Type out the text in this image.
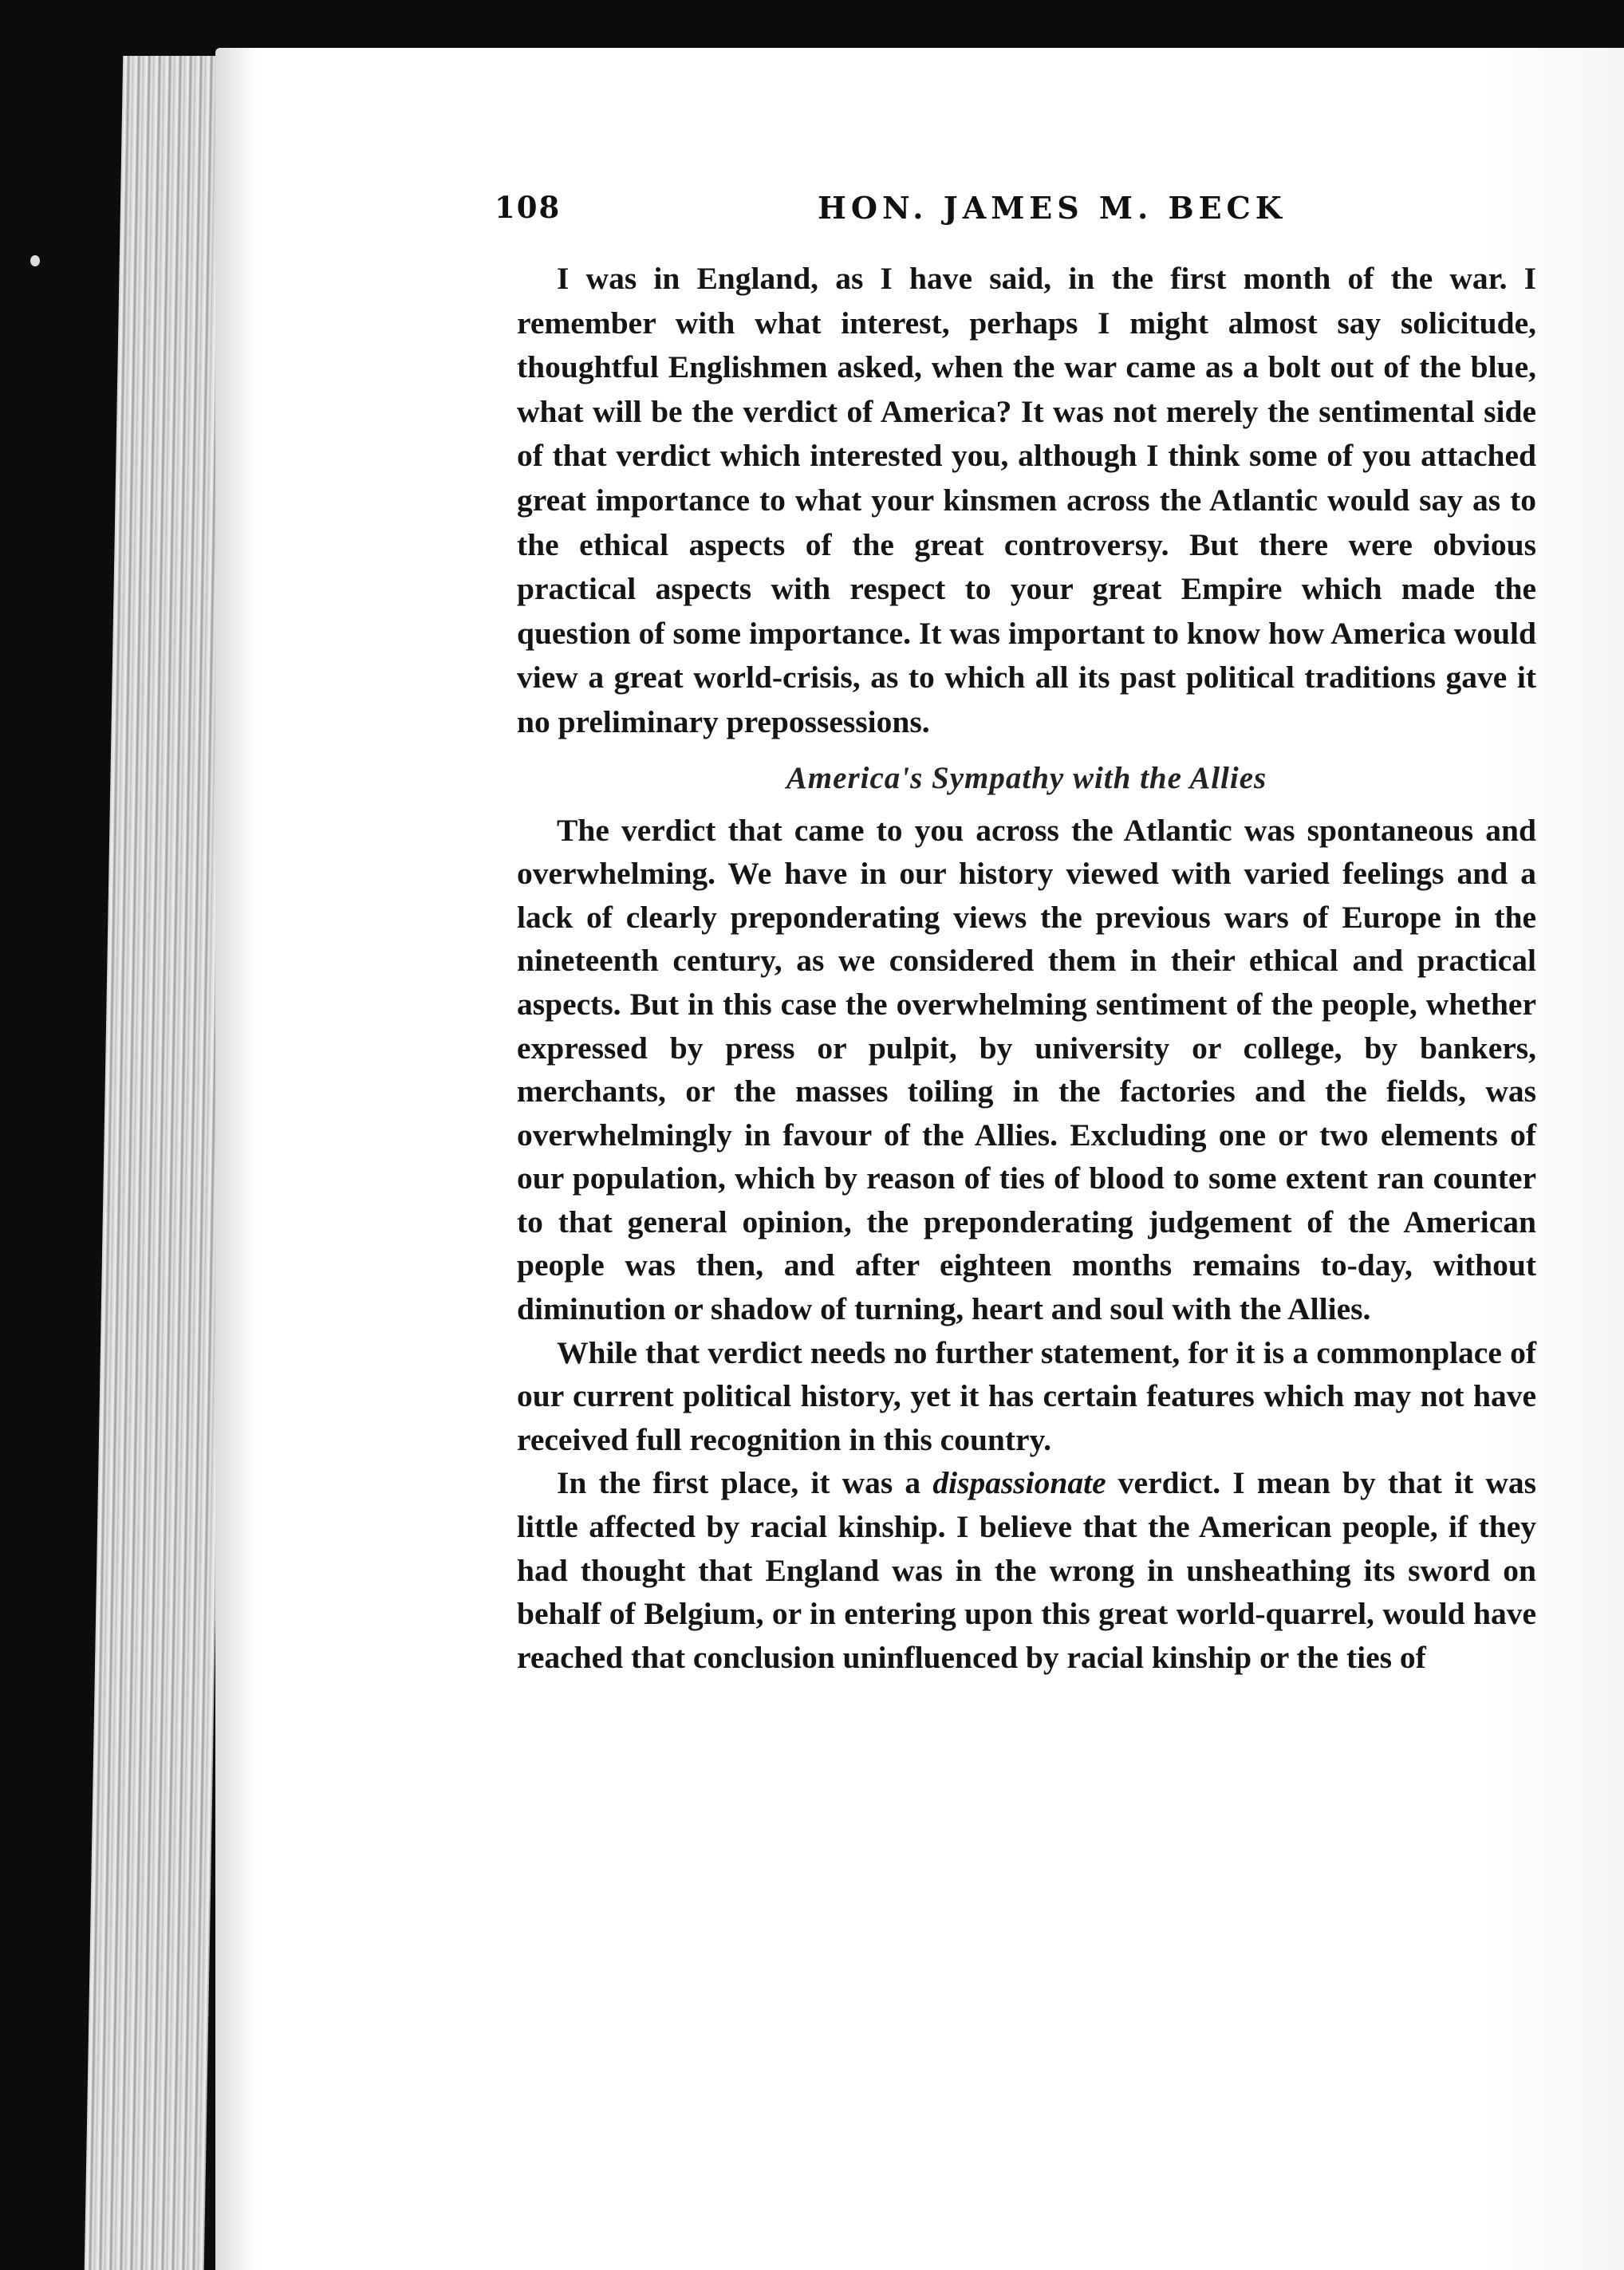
108	HON. JAMES M. BECK

I was in England, as I have said, in the first month of the war. I remember with what interest, perhaps I might almost say solicitude, thoughtful Englishmen asked, when the war came as a bolt out of the blue, what will be the verdict of America? It was not merely the sentimental side of that verdict which interested you, although I think some of you attached great importance to what your kinsmen across the Atlantic would say as to the ethical aspects of the great controversy. But there were obvious practical aspects with respect to your great Empire which made the question of some importance. It was important to know how America would view a great world-crisis, as to which all its past political traditions gave it no preliminary prepossessions.

America's Sympathy with the Allies

The verdict that came to you across the Atlantic was spontaneous and overwhelming. We have in our history viewed with varied feelings and a lack of clearly preponderating views the previous wars of Europe in the nineteenth century, as we considered them in their ethical and practical aspects. But in this case the overwhelming sentiment of the people, whether expressed by press or pulpit, by university or college, by bankers, merchants, or the masses toiling in the factories and the fields, was overwhelmingly in favour of the Allies. Excluding one or two elements of our population, which by reason of ties of blood to some extent ran counter to that general opinion, the preponderating judgement of the American people was then, and after eighteen months remains to-day, without diminution or shadow of turning, heart and soul with the Allies.

While that verdict needs no further statement, for it is a commonplace of our current political history, yet it has certain features which may not have received full recognition in this country.

In the first place, it was a dispassionate verdict. I mean by that it was little affected by racial kinship. I believe that the American people, if they had thought that England was in the wrong in unsheathing its sword on behalf of Belgium, or in entering upon this great world-quarrel, would have reached that conclusion uninfluenced by racial kinship or the ties of
